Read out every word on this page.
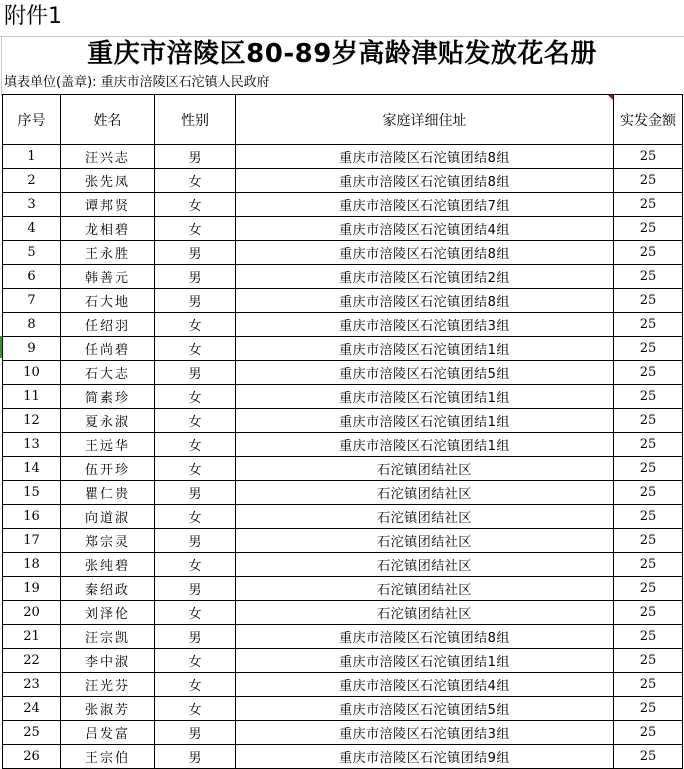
附件1
重庆市涪陵区80-89岁高龄津贴发放花名册
填表单位(盖章): 重庆市涪陵区石沱镇人民政府
序号	姓名	性别	家庭详细住址	实发金额
1	汪兴志	男	重庆市涪陵区石沱镇团结8组	25
2	张先凤	女	重庆市涪陵区石沱镇团结8组	25
3	谭邦贤	女	重庆市涪陵区石沱镇团结7组	25
4	龙相碧	女	重庆市涪陵区石沱镇团结4组	25
5	王永胜	男	重庆市涪陵区石沱镇团结8组	25
6	韩善元	男	重庆市涪陵区石沱镇团结2组	25
7	石大地	男	重庆市涪陵区石沱镇团结8组	25
8	任绍羽	女	重庆市涪陵区石沱镇团结3组	25
9	任尚碧	女	重庆市涪陵区石沱镇团结1组	25
10	石大志	男	重庆市涪陵区石沱镇团结5组	25
11	简素珍	女	重庆市涪陵区石沱镇团结1组	25
12	夏永淑	女	重庆市涪陵区石沱镇团结1组	25
13	王远华	女	重庆市涪陵区石沱镇团结1组	25
14	伍开珍	女	石沱镇团结社区	25
15	瞿仁贵	男	石沱镇团结社区	25
16	向道淑	女	石沱镇团结社区	25
17	郑宗灵	男	石沱镇团结社区	25
18	张纯碧	女	石沱镇团结社区	25
19	秦绍政	男	石沱镇团结社区	25
20	刘泽伦	女	石沱镇团结社区	25
21	汪宗凯	男	重庆市涪陵区石沱镇团结8组	25
22	李中淑	女	重庆市涪陵区石沱镇团结1组	25
23	汪光芬	女	重庆市涪陵区石沱镇团结4组	25
24	张淑芳	女	重庆市涪陵区石沱镇团结5组	25
25	吕发富	男	重庆市涪陵区石沱镇团结3组	25
26	王宗伯	男	重庆市涪陵区石沱镇团结9组	25
